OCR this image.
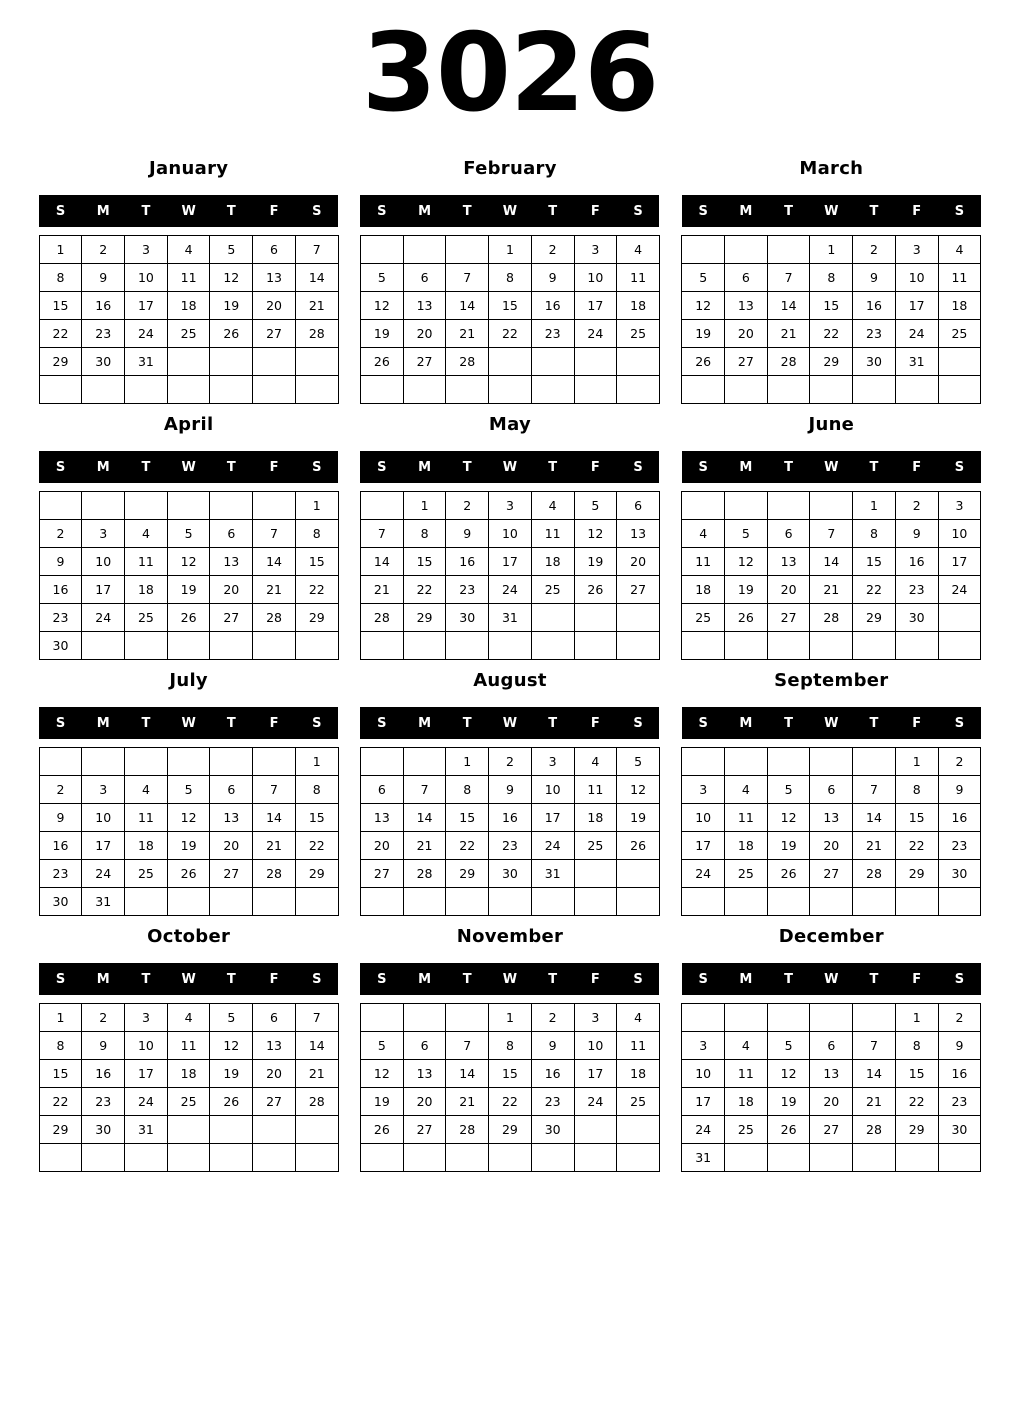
3026
January
S	M	T	W	T	F	S

1	2	3	4	5	6	7
8	9	10	11	12	13	14
15	16	17	18	19	20	21
22	23	24	25	26	27	28
29	30	31				

February
S	M	T	W	T	F	S

			1	2	3	4
5	6	7	8	9	10	11
12	13	14	15	16	17	18
19	20	21	22	23	24	25
26	27	28				

March
S	M	T	W	T	F	S

			1	2	3	4
5	6	7	8	9	10	11
12	13	14	15	16	17	18
19	20	21	22	23	24	25
26	27	28	29	30	31	

April
S	M	T	W	T	F	S

						1
2	3	4	5	6	7	8
9	10	11	12	13	14	15
16	17	18	19	20	21	22
23	24	25	26	27	28	29
30						
May
S	M	T	W	T	F	S

	1	2	3	4	5	6
7	8	9	10	11	12	13
14	15	16	17	18	19	20
21	22	23	24	25	26	27
28	29	30	31			

June
S	M	T	W	T	F	S

				1	2	3
4	5	6	7	8	9	10
11	12	13	14	15	16	17
18	19	20	21	22	23	24
25	26	27	28	29	30	

July
S	M	T	W	T	F	S

						1
2	3	4	5	6	7	8
9	10	11	12	13	14	15
16	17	18	19	20	21	22
23	24	25	26	27	28	29
30	31					
August
S	M	T	W	T	F	S

		1	2	3	4	5
6	7	8	9	10	11	12
13	14	15	16	17	18	19
20	21	22	23	24	25	26
27	28	29	30	31		

September
S	M	T	W	T	F	S

					1	2
3	4	5	6	7	8	9
10	11	12	13	14	15	16
17	18	19	20	21	22	23
24	25	26	27	28	29	30

October
S	M	T	W	T	F	S

1	2	3	4	5	6	7
8	9	10	11	12	13	14
15	16	17	18	19	20	21
22	23	24	25	26	27	28
29	30	31				

November
S	M	T	W	T	F	S

			1	2	3	4
5	6	7	8	9	10	11
12	13	14	15	16	17	18
19	20	21	22	23	24	25
26	27	28	29	30		

December
S	M	T	W	T	F	S

					1	2
3	4	5	6	7	8	9
10	11	12	13	14	15	16
17	18	19	20	21	22	23
24	25	26	27	28	29	30
31						
